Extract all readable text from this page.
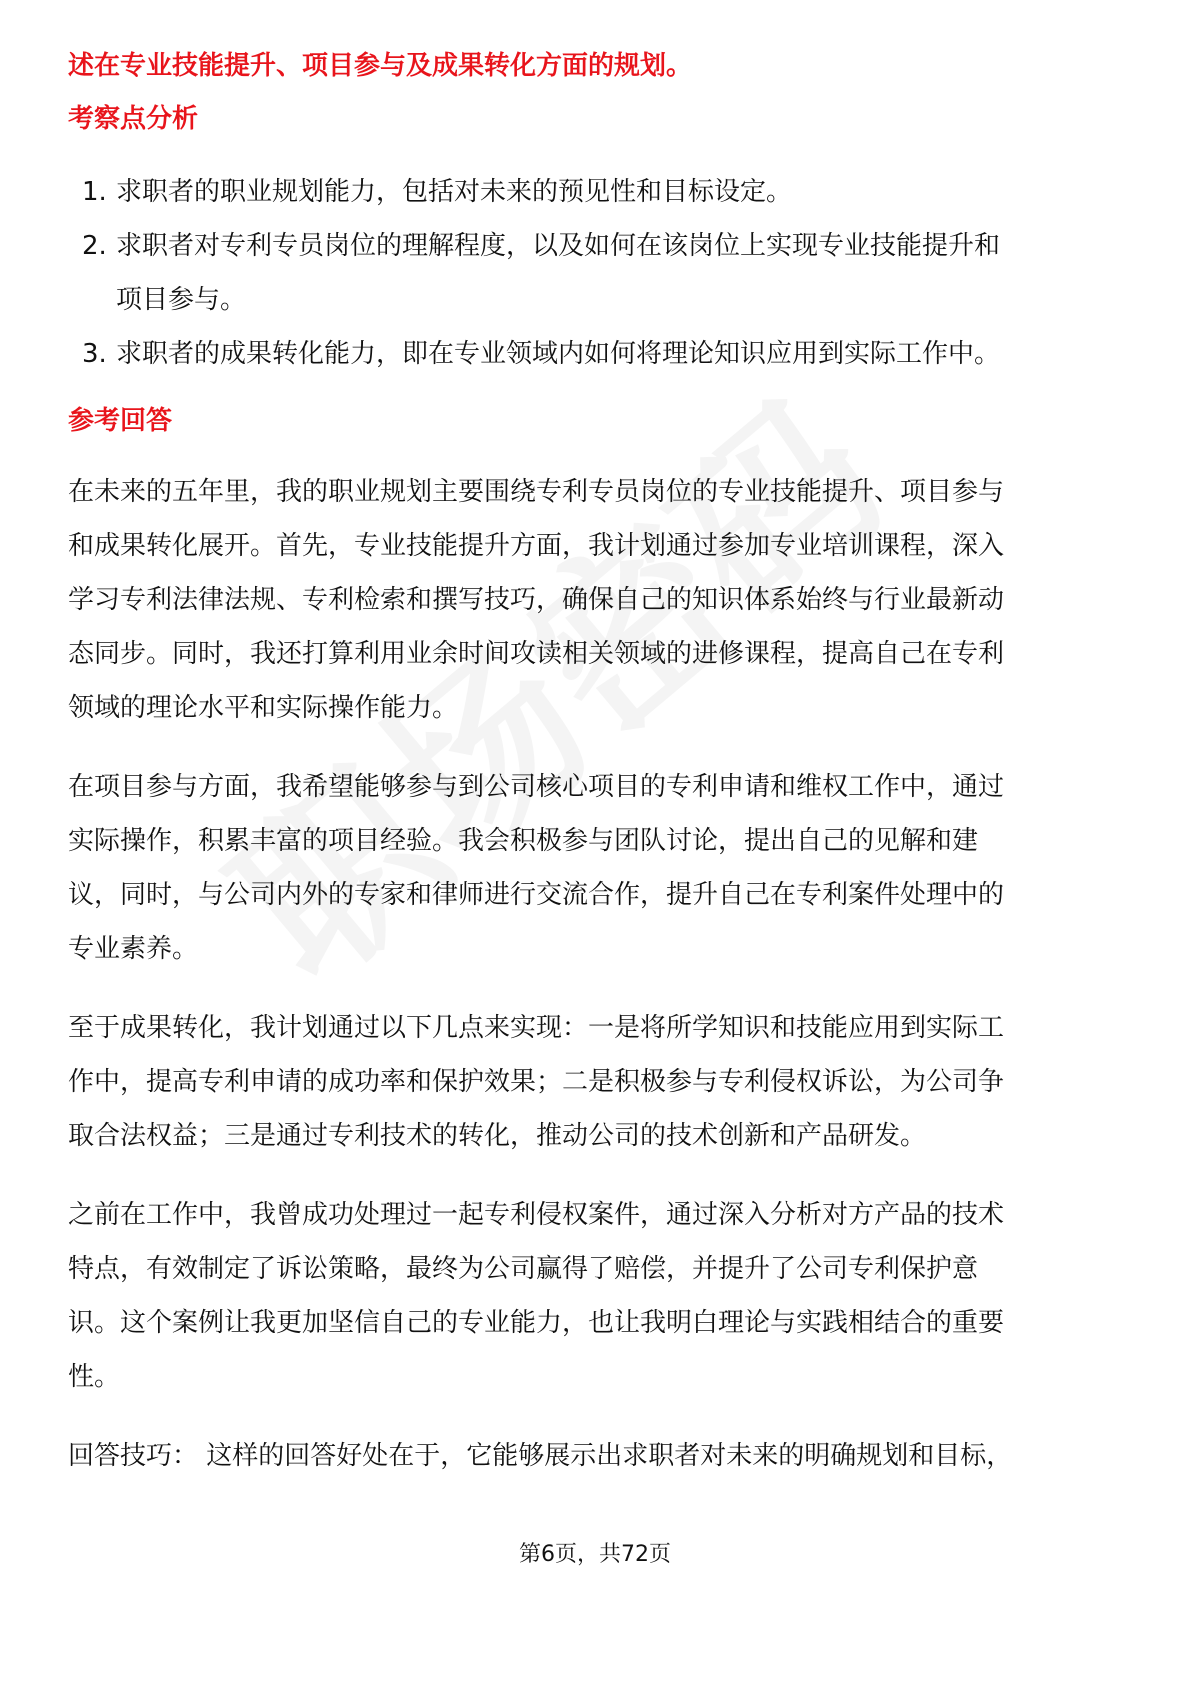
述在专业技能提升、项目参与及成果转化方面的规划。
考察点分析
1. 求职者的职业规划能力，包括对未来的预见性和目标设定。
2. 求职者对专利专员岗位的理解程度，以及如何在该岗位上实现专业技能提升和
项目参与。
3. 求职者的成果转化能力，即在专业领域内如何将理论知识应用到实际工作中。
参考回答
在未来的五年里，我的职业规划主要围绕专利专员岗位的专业技能提升、项目参与
和成果转化展开。首先，专业技能提升方面，我计划通过参加专业培训课程，深入
学习专利法律法规、专利检索和撰写技巧，确保自己的知识体系始终与行业最新动
态同步。同时，我还打算利用业余时间攻读相关领域的进修课程，提高自己在专利
领域的理论水平和实际操作能力。
在项目参与方面，我希望能够参与到公司核心项目的专利申请和维权工作中，通过
实际操作，积累丰富的项目经验。我会积极参与团队讨论，提出自己的见解和建
议，同时，与公司内外的专家和律师进行交流合作，提升自己在专利案件处理中的
专业素养。
至于成果转化，我计划通过以下几点来实现：一是将所学知识和技能应用到实际工
作中，提高专利申请的成功率和保护效果；二是积极参与专利侵权诉讼，为公司争
取合法权益；三是通过专利技术的转化，推动公司的技术创新和产品研发。
之前在工作中，我曾成功处理过一起专利侵权案件，通过深入分析对方产品的技术
特点，有效制定了诉讼策略，最终为公司赢得了赔偿，并提升了公司专利保护意
识。这个案例让我更加坚信自己的专业能力，也让我明白理论与实践相结合的重要
性。
回答技巧： 这样的回答好处在于，它能够展示出求职者对未来的明确规划和目标，
第6页，共72页
